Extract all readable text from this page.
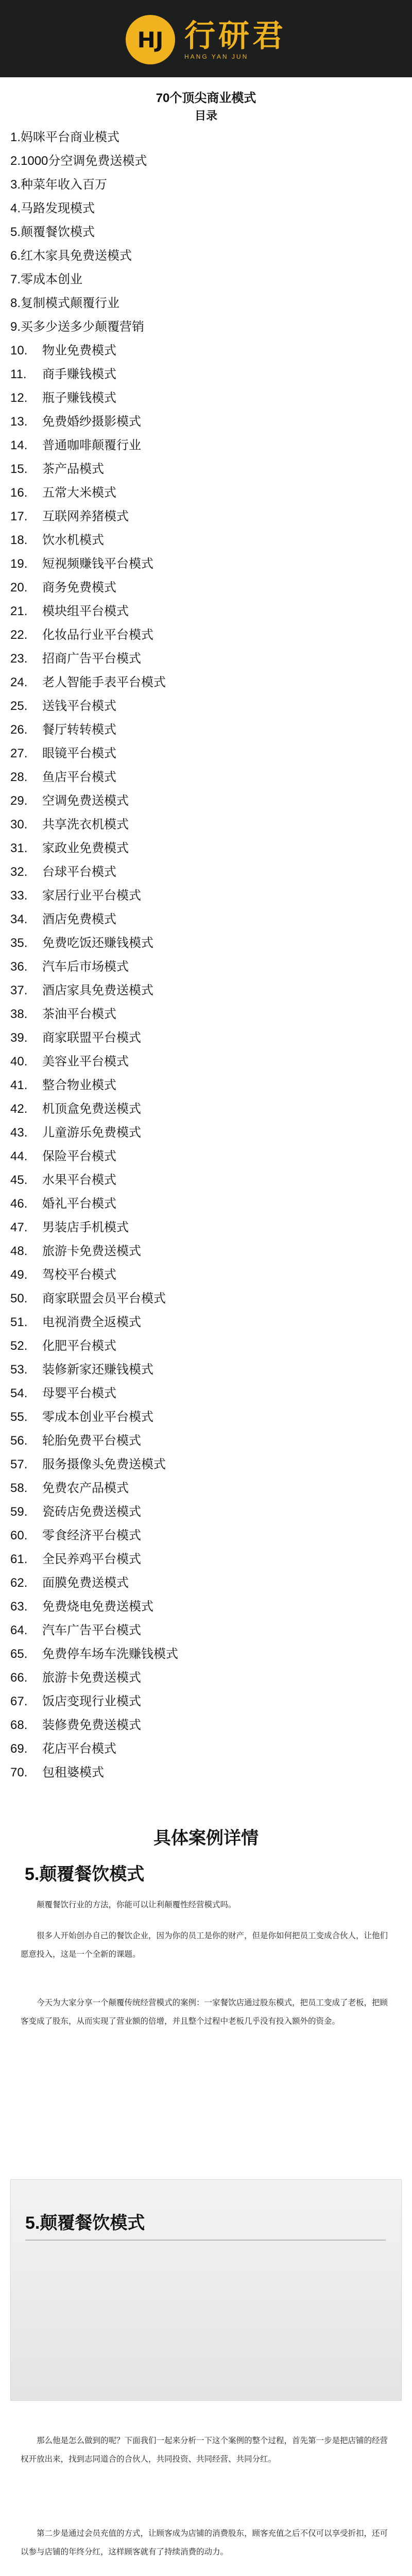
HJ 行研君
HANG YAN JUN
70个顶尖商业模式
目录
1. 妈咪平台商业模式
2. 1000分空调免费送模式
3. 种菜年收入百万
4. 马路发现模式
5. 颠覆餐饮模式
6. 红木家具免费送模式
7. 零成本创业
8. 复制模式颠覆行业
9. 买多少送多少颠覆营销
10.	物业免费模式
11.	商手赚钱模式
12.	瓶子赚钱模式
13.	免费婚纱摄影模式
14.	普通咖啡颠覆行业
15.	茶产品模式
16.	五常大米模式
17.	互联网养猪模式
18.	饮水机模式
19.	短视频赚钱平台模式
20.	商务免费模式
21.	模块组平台模式
22.	化妆品行业平台模式
23.	招商广告平台模式
24.	老人智能手表平台模式
25.	送钱平台模式
26.	餐厅转转模式
27.	眼镜平台模式
28.	鱼店平台模式
29.	空调免费送模式
30.	共享洗衣机模式
31.	家政业免费模式
32.	台球平台模式
33.	家居行业平台模式
34.	酒店免费模式
35.	免费吃饭还赚钱模式
36.	汽车后市场模式
37.	酒店家具免费送模式
38.	茶油平台模式
39.	商家联盟平台模式
40.	美容业平台模式
41.	整合物业模式
42.	机顶盒免费送模式
43.	儿童游乐免费模式
44.	保险平台模式
45.	水果平台模式
46.	婚礼平台模式
47.	男装店手机模式
48.	旅游卡免费送模式
49.	驾校平台模式
50.	商家联盟会员平台模式
51.	电视消费全返模式
52.	化肥平台模式
53.	装修新家还赚钱模式
54.	母婴平台模式
55.	零成本创业平台模式
56.	轮胎免费平台模式
57.	服务摄像头免费送模式
58.	免费农产品模式
59.	瓷砖店免费送模式
60.	零食经济平台模式
61.	全民养鸡平台模式
62.	面膜免费送模式
63.	免费烧电免费送模式
64.	汽车广告平台模式
65.	免费停车场车洗赚钱模式
66.	旅游卡免费送模式
67.	饭店变现行业模式
68.	装修费免费送模式
69.	花店平台模式
70.	包租婆模式
具体案例详情
5.颠覆餐饮模式

颠覆餐饮行业的方法，你能可以让利颠覆性经营模式吗。

很多人开始创办自己的餐饮企业，因为你的员工是你的财产，但是你如何把员工变成合伙人，让他们愿意投入，这是一个全新的课题。

今天为大家分享一个颠覆传统经营模式的案例：一家餐饮店通过股东模式，把员工变成了老板，把顾客变成了股东，从而实现了营业额的倍增，并且整个过程中老板几乎没有投入额外的资金。

5.颠覆餐饮模式

那么他是怎么做到的呢？下面我们一起来分析一下这个案例的整个过程，首先第一步是把店铺的经营权开放出来，找到志同道合的合伙人，共同投资、共同经营、共同分红。

第二步是通过会员充值的方式，让顾客成为店铺的消费股东，顾客充值之后不仅可以享受折扣，还可以参与店铺的年终分红，这样顾客就有了持续消费的动力。
